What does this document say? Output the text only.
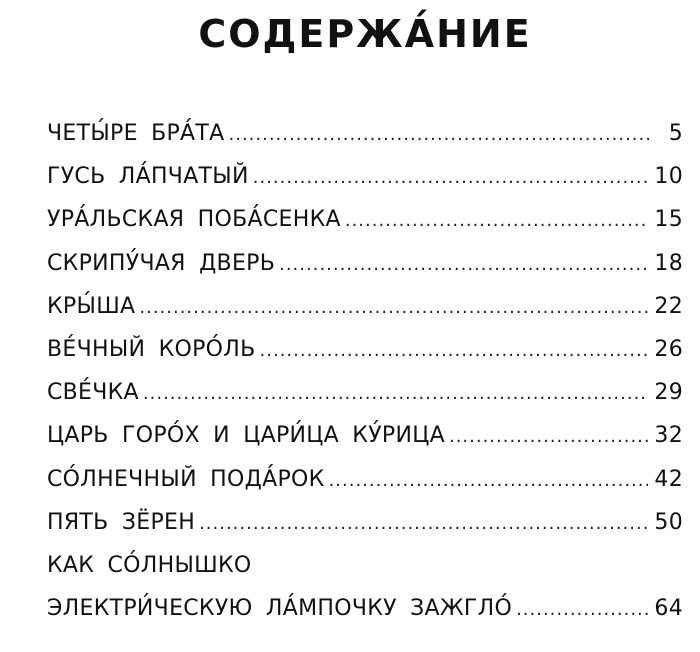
СОДЕРЖА́НИЕ
ЧЕТЫ́РЕ БРА́ТА .....	5
ГУСЬ ЛА́ПЧАТЫЙ .....	10
УРА́ЛЬСКАЯ ПОБА́СЕНКА .....	15
СКРИПУ́ЧАЯ ДВЕРЬ .....	18
КРЫ́ША .....	22
ВЕ́ЧНЫЙ КОРО́ЛЬ .....	26
СВЕ́ЧКА .....	29
ЦАРЬ ГОРО́Х И ЦАРИ́ЦА КУ́РИЦА .....	32
СО́ЛНЕЧНЫЙ ПОДА́РОК .....	42
ПЯТЬ ЗЁРЕН .....	50
КАК СО́ЛНЫШКО
ЭЛЕКТРИ́ЧЕСКУЮ ЛА́МПОЧКУ ЗАЖГЛО́ .....	64
